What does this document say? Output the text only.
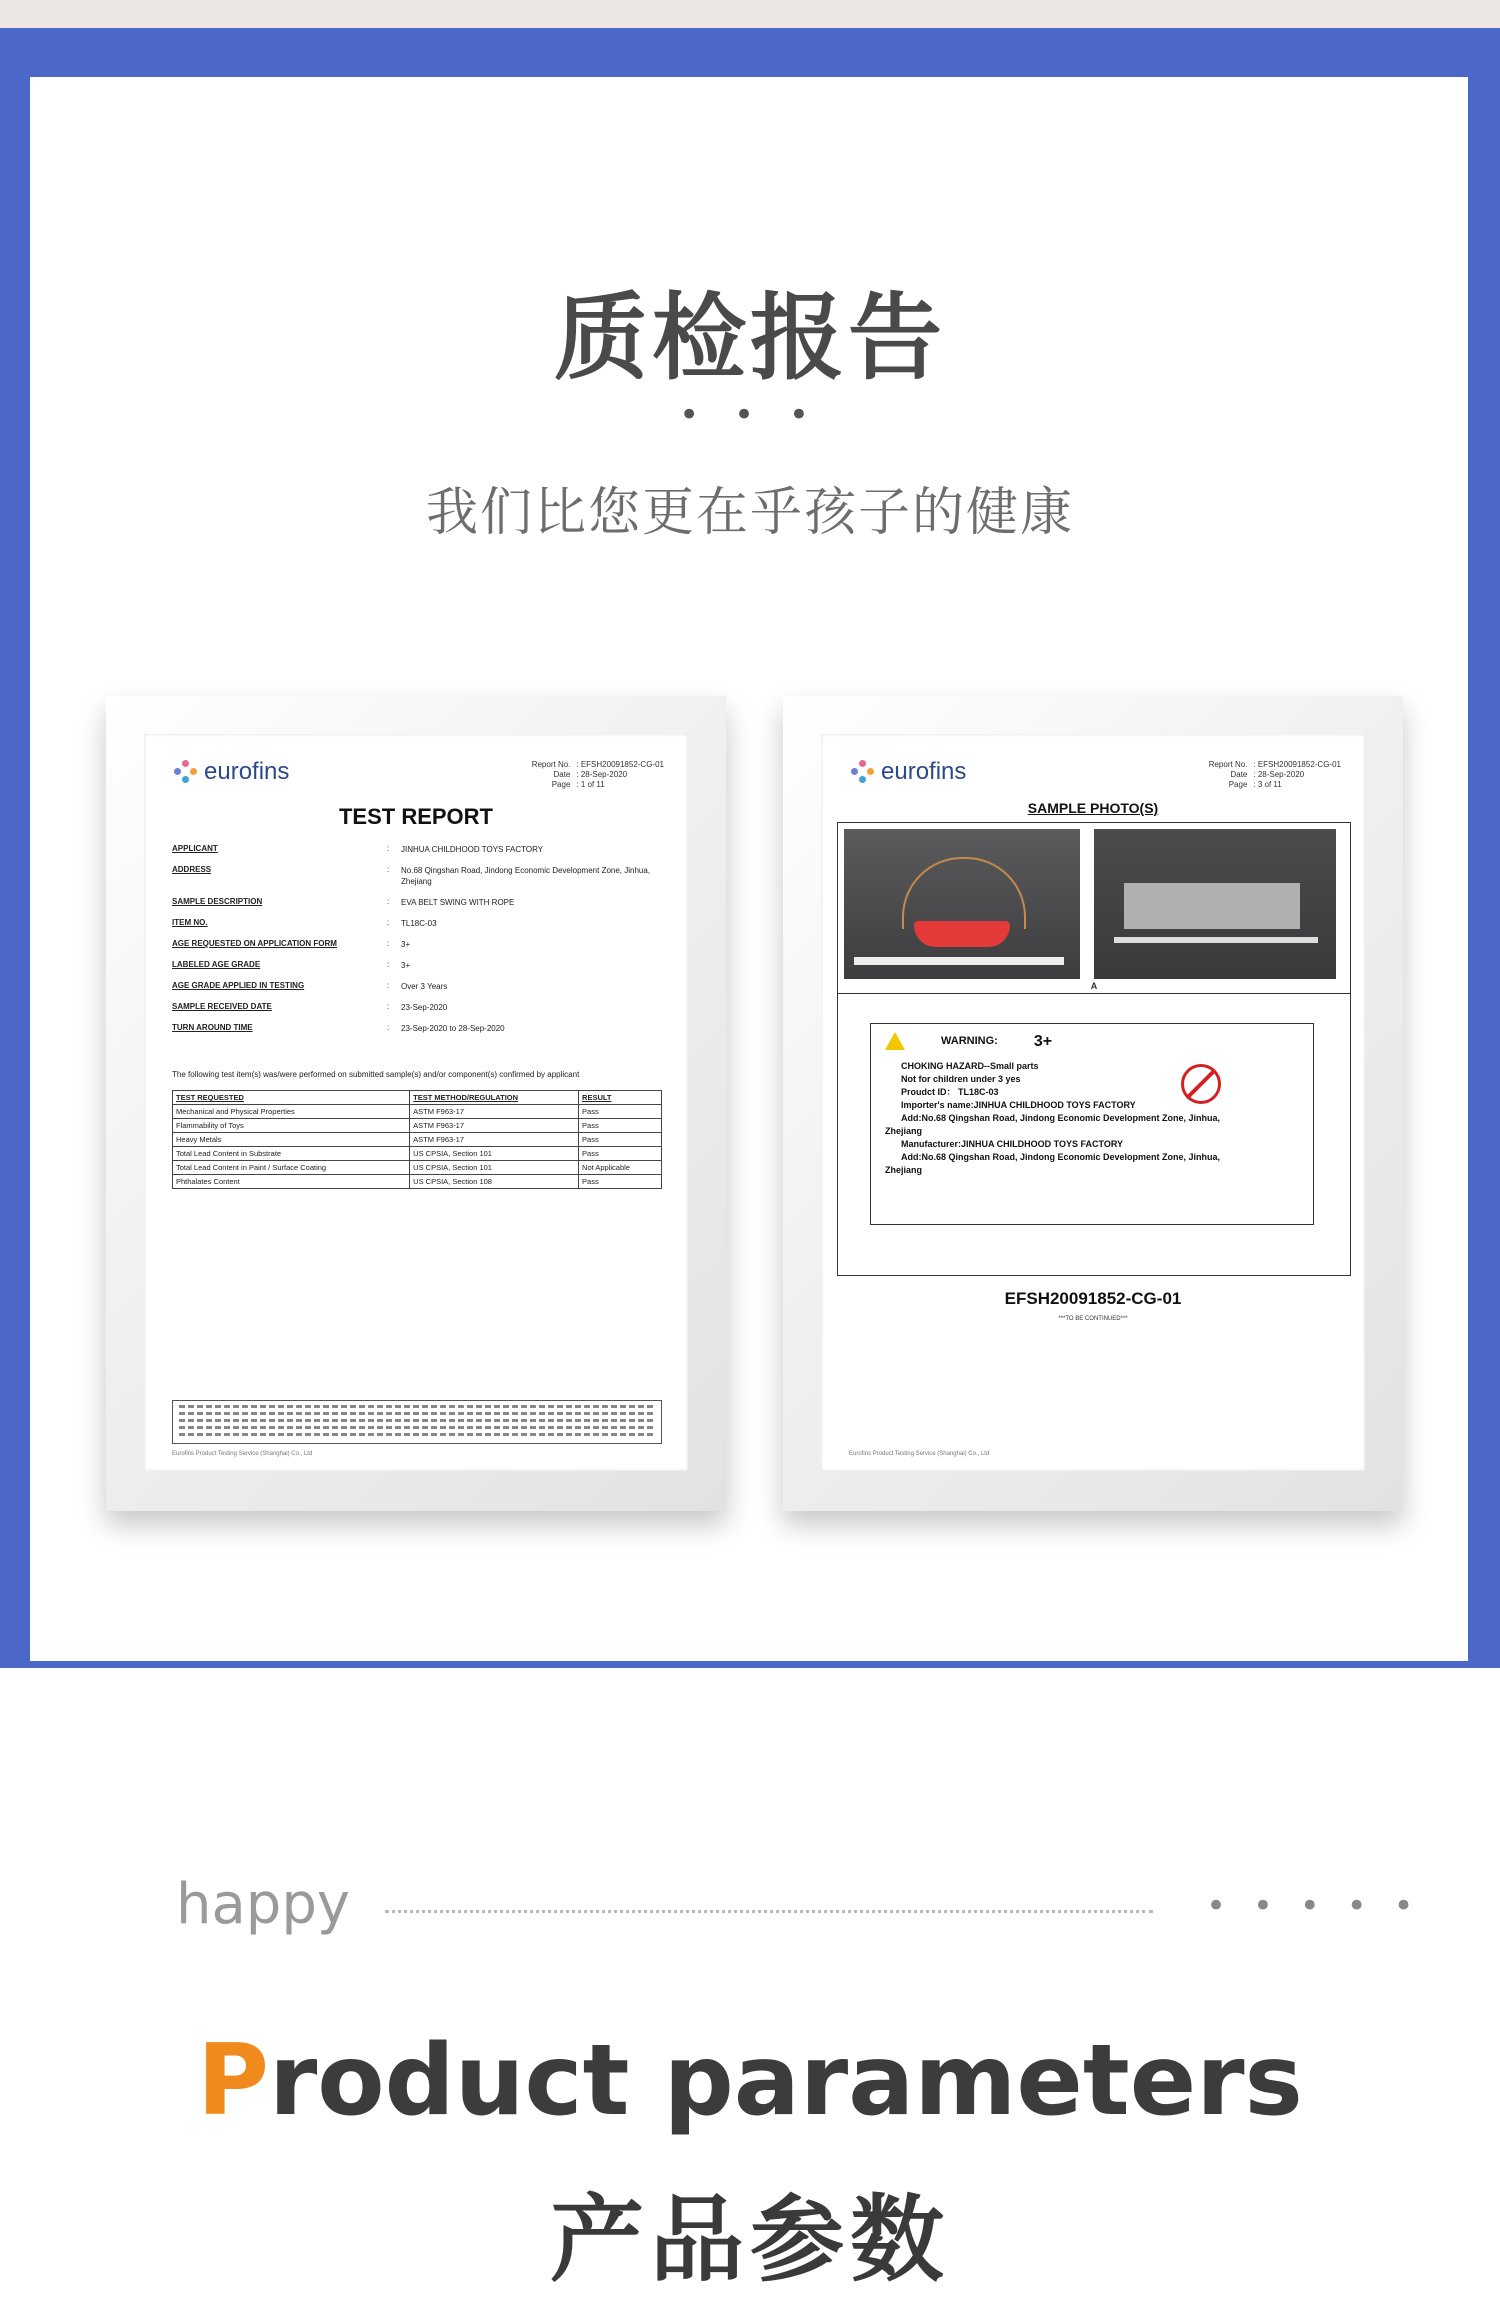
质检报告
• • •
我们比您更在乎孩子的健康
eurofins	Report No. : EFSH20091852-CG-01
Date : 28-Sep-2020
Page : 1 of 11
TEST REPORT
APPLICANT	:	JINHUA CHILDHOOD TOYS FACTORY
ADDRESS	:	No.68 Qingshan Road, Jindong Economic Development Zone, Jinhua, Zhejiang
SAMPLE DESCRIPTION	:	EVA BELT SWING WITH ROPE
ITEM NO.	:	TL18C-03
AGE REQUESTED ON APPLICATION FORM	:	3+
LABELED AGE GRADE	:	3+
AGE GRADE APPLIED IN TESTING	:	Over 3 Years
SAMPLE RECEIVED DATE	:	23-Sep-2020
TURN AROUND TIME	:	23-Sep-2020 to 28-Sep-2020
The following test item(s) was/were performed on submitted sample(s) and/or component(s) confirmed by applicant
TEST REQUESTED	TEST METHOD/REGULATION	RESULT
Mechanical and Physical Properties	ASTM F963-17	Pass
Flammability of Toys	ASTM F963-17	Pass
Heavy Metals	ASTM F963-17	Pass
Total Lead Content in Substrate	US CPSIA, Section 101	Pass
Total Lead Content in Paint / Surface Coating	US CPSIA, Section 101	Not Applicable
Phthalates Content	US CPSIA, Section 108	Pass
Eurofins Product Testing Service (Shanghai) Co., Ltd
eurofins	Report No. : EFSH20091852-CG-01
Date : 28-Sep-2020
Page : 3 of 11
SAMPLE PHOTO(S)
A
WARNING: 3+
CHOKING HAZARD--Small parts
Not for children under 3 yes
Proudct ID： TL18C-03
Importer's name:JINHUA CHILDHOOD TOYS FACTORY
Add:No.68 Qingshan Road, Jindong Economic Development Zone, Jinhua,
Zhejiang
Manufacturer:JINHUA CHILDHOOD TOYS FACTORY
Add:No.68 Qingshan Road, Jindong Economic Development Zone, Jinhua,
Zhejiang
EFSH20091852-CG-01
***TO BE CONTINUED***
Eurofins Product Testing Service (Shanghai) Co., Ltd
happy	• • • • •
Product parameters
产品参数
